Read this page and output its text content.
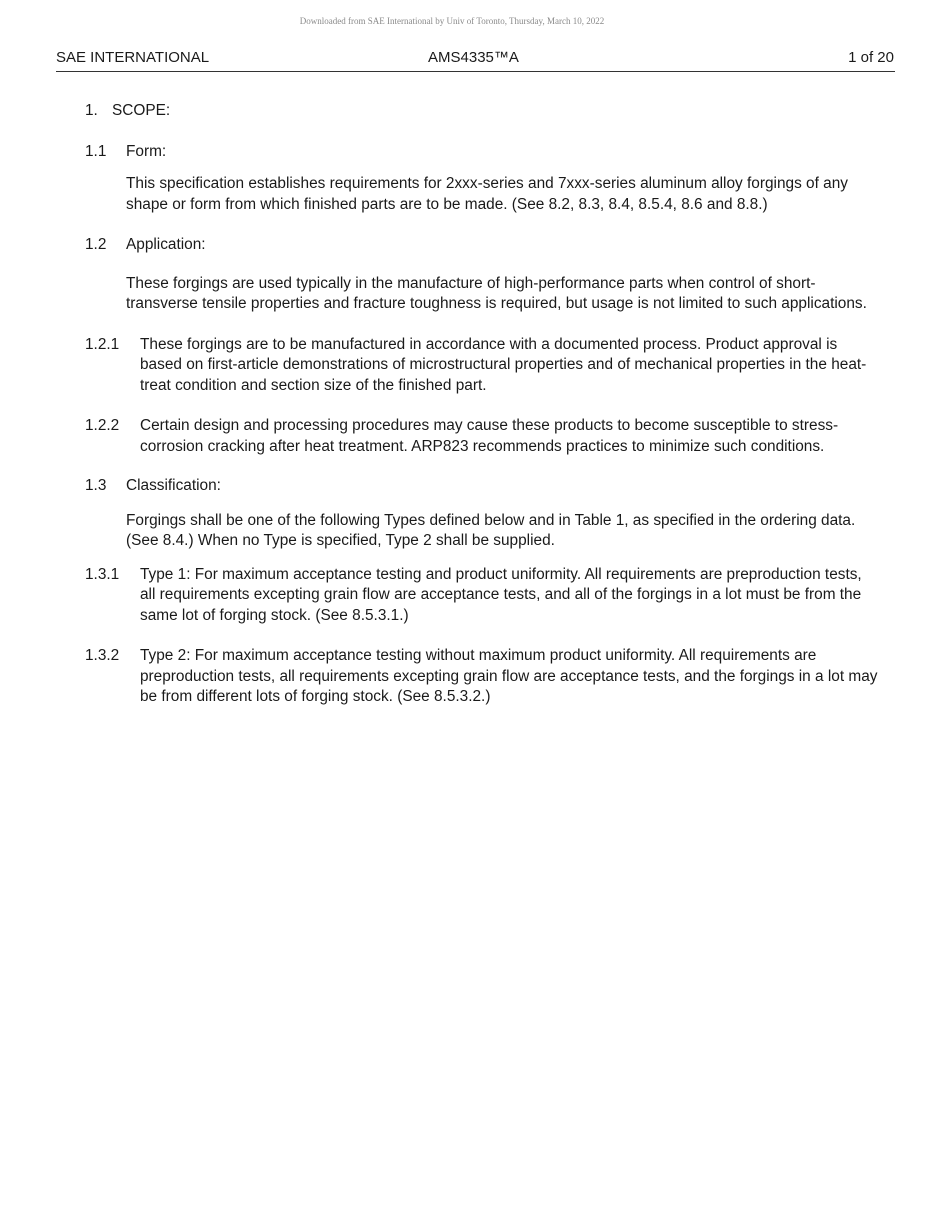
Downloaded from SAE International by Univ of Toronto, Thursday, March 10, 2022
SAE INTERNATIONAL	AMS4335™A	1 of 20
1. SCOPE:
1.1	Form:

This specification establishes requirements for 2xxx-series and 7xxx-series aluminum alloy forgings of any shape or form from which finished parts are to be made. (See 8.2, 8.3, 8.4, 8.5.4, 8.6 and 8.8.)

1.2	Application:

These forgings are used typically in the manufacture of high-performance parts when control of short-transverse tensile properties and fracture toughness is required, but usage is not limited to such applications.

1.2.1	These forgings are to be manufactured in accordance with a documented process. Product approval is based on first-article demonstrations of microstructural properties and of mechanical properties in the heat-treat condition and section size of the finished part.
1.2.2	Certain design and processing procedures may cause these products to become susceptible to stress-corrosion cracking after heat treatment. ARP823 recommends practices to minimize such conditions.
1.3	Classification:

Forgings shall be one of the following Types defined below and in Table 1, as specified in the ordering data. (See 8.4.) When no Type is specified, Type 2 shall be supplied.

1.3.1	Type 1: For maximum acceptance testing and product uniformity. All requirements are preproduction tests, all requirements excepting grain flow are acceptance tests, and all of the forgings in a lot must be from the same lot of forging stock. (See 8.5.3.1.)
1.3.2	Type 2: For maximum acceptance testing without maximum product uniformity. All requirements are preproduction tests, all requirements excepting grain flow are acceptance tests, and the forgings in a lot may be from different lots of forging stock. (See 8.5.3.2.)
